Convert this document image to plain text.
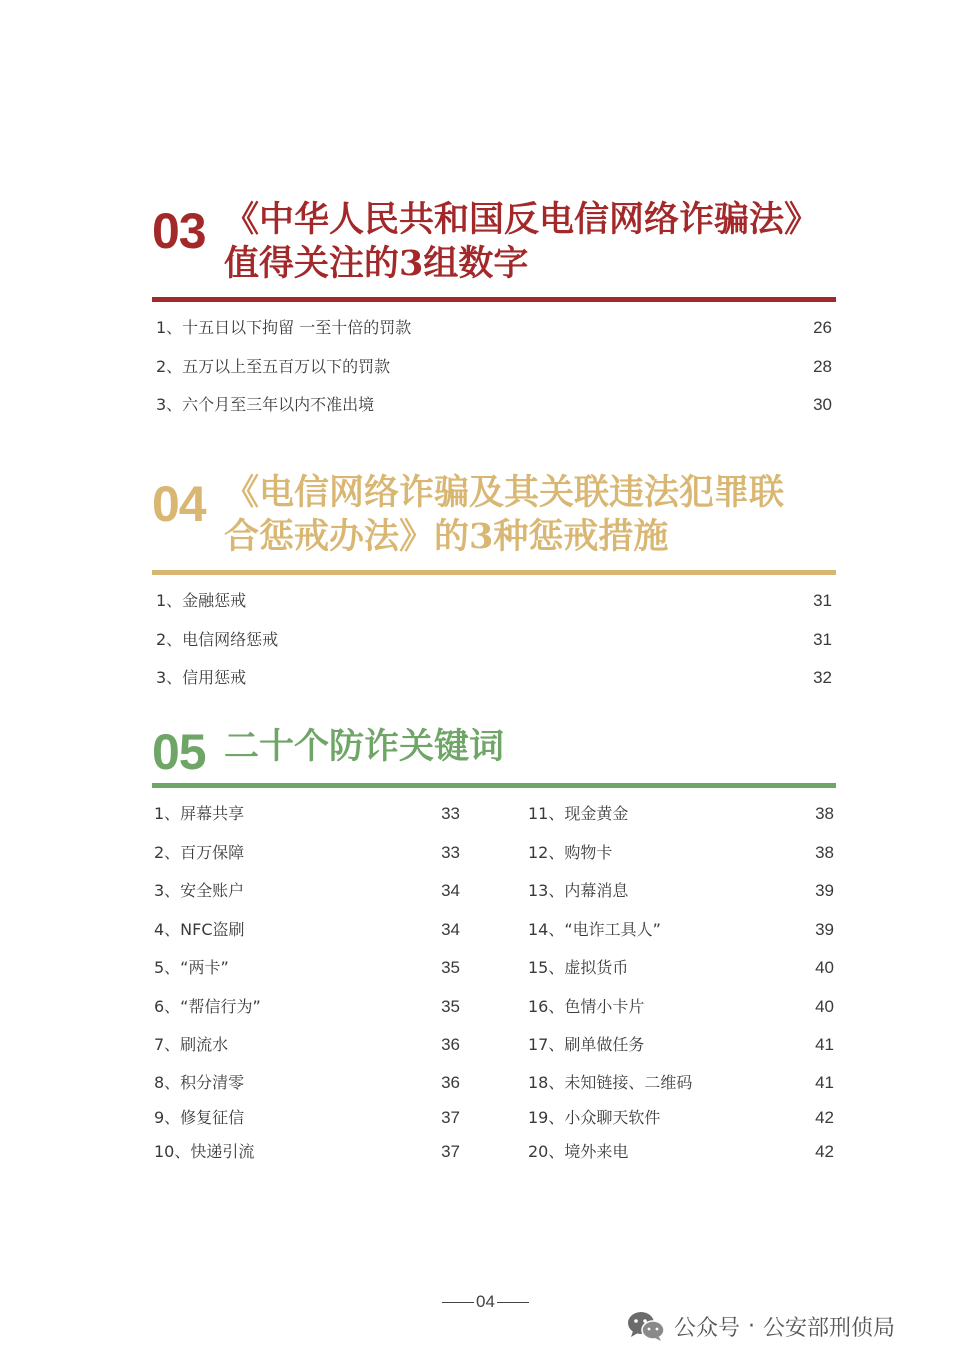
03 《中华人民共和国反电信网络诈骗法》
值得关注的3组数字
1、十五日以下拘留 一至十倍的罚款	26
2、五万以上至五百万以下的罚款	28
3、六个月至三年以内不准出境	30
04 《电信网络诈骗及其关联违法犯罪联
合惩戒办法》的3种惩戒措施
1、金融惩戒	31
2、电信网络惩戒	31
3、信用惩戒	32
05 二十个防诈关键词
1、屏幕共享	33
2、百万保障	33
3、安全账户	34
4、NFC盗刷	34
5、“两卡”	35
6、“帮信行为”	35
7、刷流水	36
8、积分清零	36
9、修复征信	37
10、快递引流	37
11、现金黄金	38
12、购物卡	38
13、内幕消息	39
14、“电诈工具人”	39
15、虚拟货币	40
16、色情小卡片	40
17、刷单做任务	41
18、未知链接、二维码	41
19、小众聊天软件	42
20、境外来电	42
04
公众号 · 公安部刑侦局
